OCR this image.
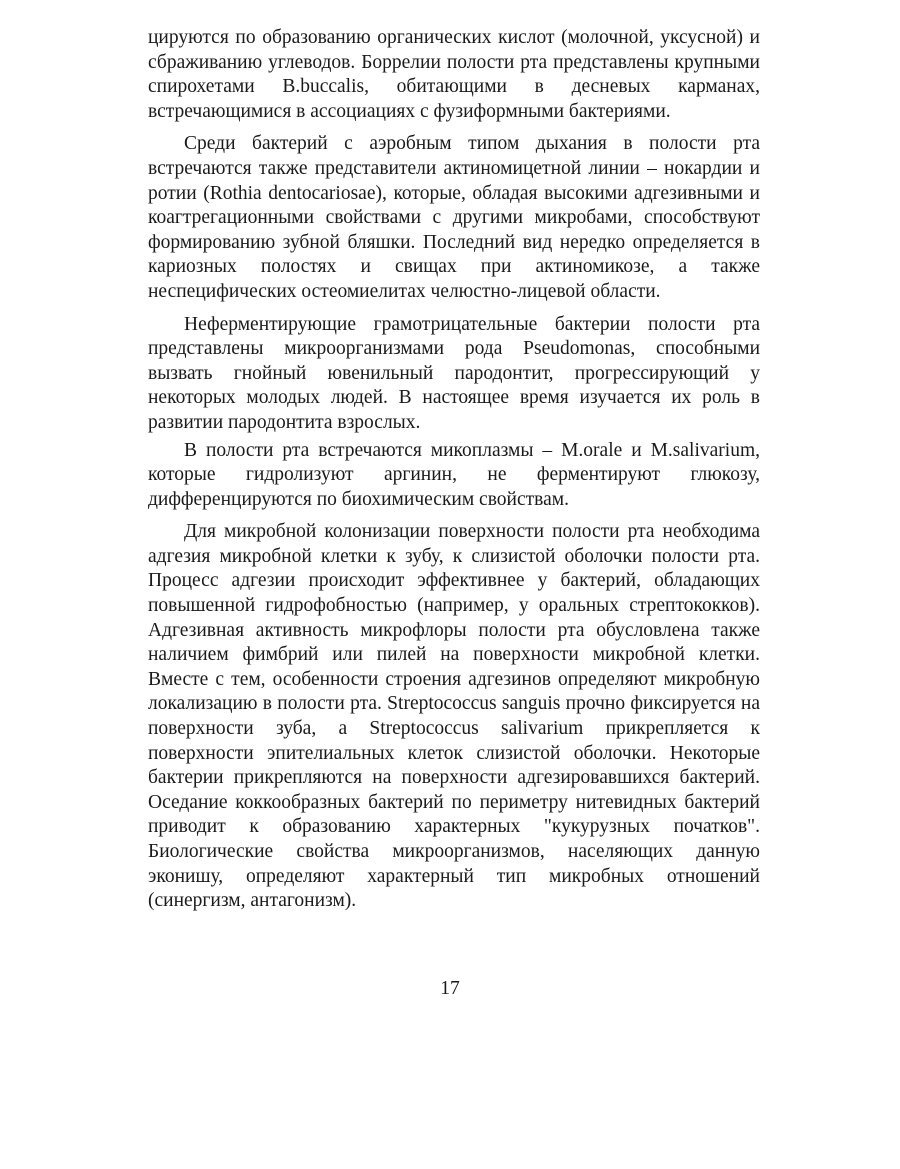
цируются по образованию органических кислот (молочной, уксусной) и сбраживанию углеводов. Боррелии полости рта представлены крупными спирохетами B.buccalis, обитающими в десневых карманах, встречающимися в ассоциациях с фузиформными бактериями.

Среди бактерий с аэробным типом дыхания в полости рта встречаются также представители актиномицетной линии – нокардии и ротии (Rothia dentocariosae), которые, обладая высокими адгезивными и коагтрегационными свойствами с другими микробами, способствуют формированию зубной бляшки. Последний вид нередко определяется в кариозных полостях и свищах при актиномикозе, а также неспецифических остеомиелитах челюстно-лицевой области.

Неферментирующие грамотрицательные бактерии полости рта представлены микроорганизмами рода Pseudomonas, способными вызвать гнойный ювенильный пародонтит, прогрессирующий у некоторых молодых людей. В настоящее время изучается их роль в развитии пародонтита взрослых.

В полости рта встречаются микоплазмы – M.orale и M.salivarium, которые гидролизуют аргинин, не ферментируют глюкозу, дифференцируются по биохимическим свойствам.

Для микробной колонизации поверхности полости рта необходима адгезия микробной клетки к зубу, к слизистой оболочки полости рта. Процесс адгезии происходит эффективнее у бактерий, обладающих повышенной гидрофобностью (например, у оральных стрептококков). Адгезивная активность микрофлоры полости рта обусловлена также наличием фимбрий или пилей на поверхности микробной клетки. Вместе с тем, особенности строения адгезинов определяют микробную локализацию в полости рта. Streptococcus sanguis прочно фиксируется на поверхности зуба, а Streptococcus salivarium прикрепляется к поверхности эпителиальных клеток слизистой оболочки. Некоторые бактерии прикрепляются на поверхности адгезировавшихся бактерий. Оседание коккообразных бактерий по периметру нитевидных бактерий приводит к образованию характерных "кукурузных початков". Биологические свойства микроорганизмов, населяющих данную эконишу, определяют характерный тип микробных отношений (синергизм, антагонизм).

17
